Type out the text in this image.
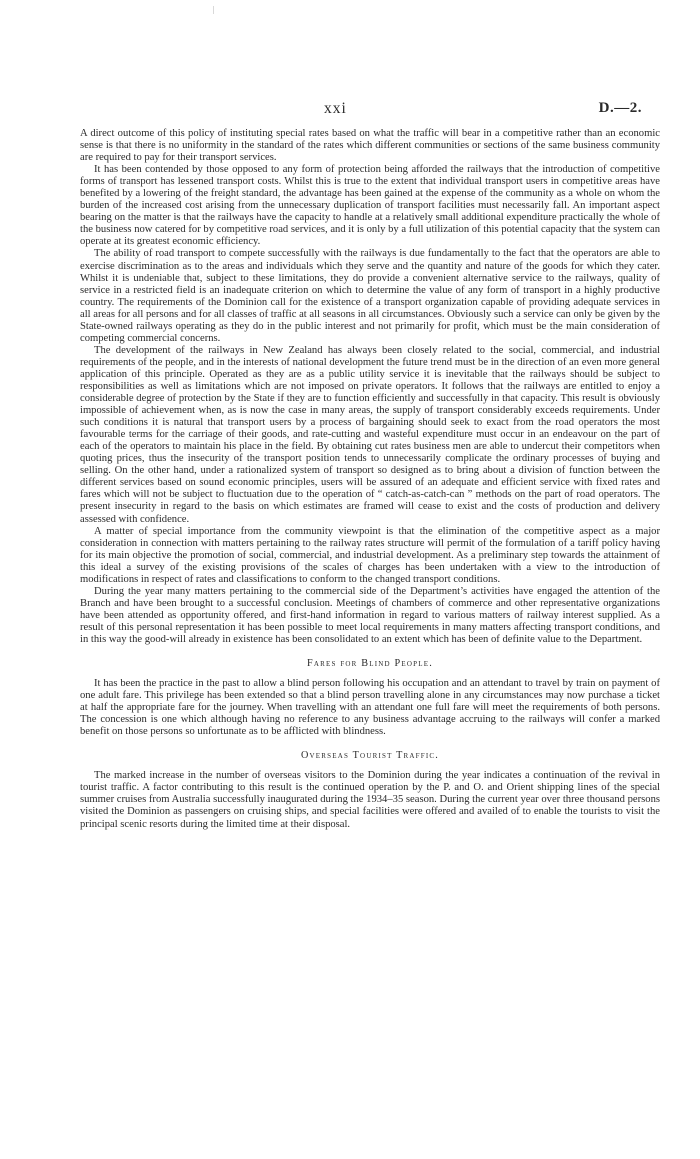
xxi	D.—2.

A direct outcome of this policy of instituting special rates based on what the traffic will bear in a competitive rather than an economic sense is that there is no uniformity in the standard of the rates which different communities or sections of the same business community are required to pay for their transport services.

It has been contended by those opposed to any form of protection being afforded the railways that the introduction of competitive forms of transport has lessened transport costs. Whilst this is true to the extent that individual transport users in competitive areas have benefited by a lowering of the freight standard, the advantage has been gained at the expense of the community as a whole on whom the burden of the increased cost arising from the unnecessary duplication of transport facilities must necessarily fall. An important aspect bearing on the matter is that the railways have the capacity to handle at a relatively small additional expenditure practically the whole of the business now catered for by competitive road services, and it is only by a full utilization of this potential capacity that the system can operate at its greatest economic efficiency.

The ability of road transport to compete successfully with the railways is due fundamentally to the fact that the operators are able to exercise discrimination as to the areas and individuals which they serve and the quantity and nature of the goods for which they cater. Whilst it is undeniable that, subject to these limitations, they do provide a convenient alternative service to the railways, quality of service in a restricted field is an inadequate criterion on which to determine the value of any form of transport in a highly productive country. The requirements of the Dominion call for the existence of a transport organization capable of providing adequate services in all areas for all persons and for all classes of traffic at all seasons in all circumstances. Obviously such a service can only be given by the State-owned railways operating as they do in the public interest and not primarily for profit, which must be the main consideration of competing commercial concerns.

The development of the railways in New Zealand has always been closely related to the social, commercial, and industrial requirements of the people, and in the interests of national development the future trend must be in the direction of an even more general application of this principle. Operated as they are as a public utility service it is inevitable that the railways should be subject to responsibilities as well as limitations which are not imposed on private operators. It follows that the railways are entitled to enjoy a considerable degree of protection by the State if they are to function efficiently and successfully in that capacity. This result is obviously impossible of achievement when, as is now the case in many areas, the supply of transport considerably exceeds requirements. Under such conditions it is natural that transport users by a process of bargaining should seek to exact from the road operators the most favourable terms for the carriage of their goods, and rate-cutting and wasteful expenditure must occur in an endeavour on the part of each of the operators to maintain his place in the field. By obtaining cut rates business men are able to undercut their competitors when quoting prices, thus the insecurity of the transport position tends to unnecessarily complicate the ordinary processes of buying and selling. On the other hand, under a rationalized system of transport so designed as to bring about a division of function between the different services based on sound economic principles, users will be assured of an adequate and efficient service with fixed rates and fares which will not be subject to fluctuation due to the operation of “ catch-as-catch-can ” methods on the part of road operators. The present insecurity in regard to the basis on which estimates are framed will cease to exist and the costs of production and delivery assessed with confidence.

A matter of special importance from the community viewpoint is that the elimination of the competitive aspect as a major consideration in connection with matters pertaining to the railway rates structure will permit of the formulation of a tariff policy having for its main objective the promotion of social, commercial, and industrial development. As a preliminary step towards the attainment of this ideal a survey of the existing provisions of the scales of charges has been undertaken with a view to the introduction of modifications in respect of rates and classifications to conform to the changed transport conditions.

During the year many matters pertaining to the commercial side of the Department’s activities have engaged the attention of the Branch and have been brought to a successful conclusion. Meetings of chambers of commerce and other representative organizations have been attended as opportunity offered, and first-hand information in regard to various matters of railway interest supplied. As a result of this personal representation it has been possible to meet local requirements in many matters affecting transport conditions, and in this way the good-will already in existence has been consolidated to an extent which has been of definite value to the Department.

Fares for Blind People.

It has been the practice in the past to allow a blind person following his occupation and an attendant to travel by train on payment of one adult fare. This privilege has been extended so that a blind person travelling alone in any circumstances may now purchase a ticket at half the appropriate fare for the journey. When travelling with an attendant one full fare will meet the requirements of both persons. The concession is one which although having no reference to any business advantage accruing to the railways will confer a marked benefit on those persons so unfortunate as to be afflicted with blindness.

Overseas Tourist Traffic.

The marked increase in the number of overseas visitors to the Dominion during the year indicates a continuation of the revival in tourist traffic. A factor contributing to this result is the continued operation by the P. and O. and Orient shipping lines of the special summer cruises from Australia successfully inaugurated during the 1934–35 season. During the current year over three thousand persons visited the Dominion as passengers on cruising ships, and special facilities were offered and availed of to enable the tourists to visit the principal scenic resorts during the limited time at their disposal.
